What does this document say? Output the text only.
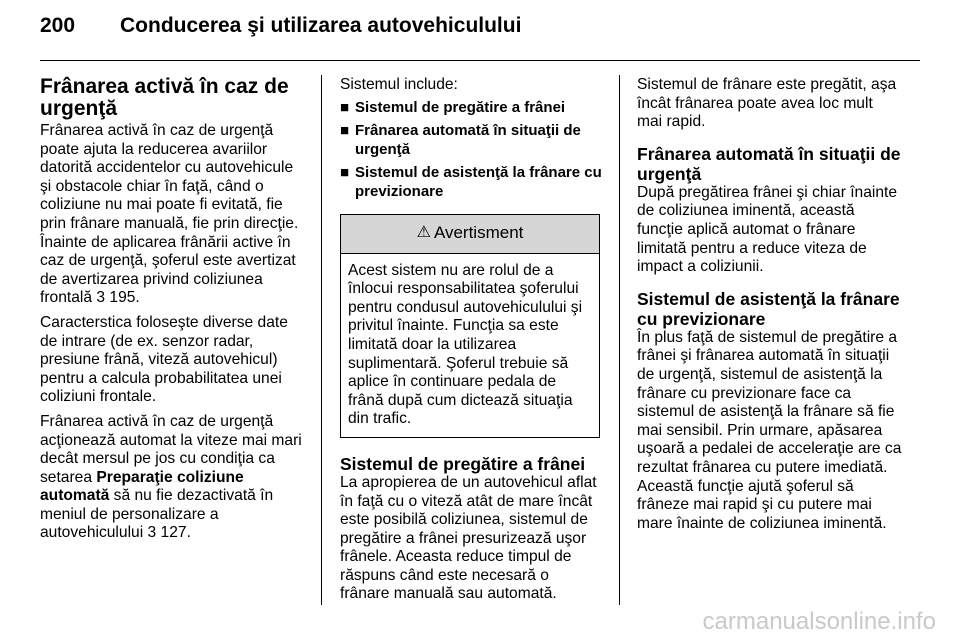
200 Conducerea şi utilizarea autovehiculului
Frânarea activă în caz de urgenţă

Frânarea activă în caz de urgenţă poate ajuta la reducerea avariilor datorită accidentelor cu autovehicule şi obstacole chiar în faţă, când o coliziune nu mai poate fi evitată, fie prin frânare manuală, fie prin direcţie. Înainte de aplicarea frânării active în caz de urgenţă, şoferul este avertizat de avertizarea privind coliziunea frontală 3 195.

Caracterstica foloseşte diverse date de intrare (de ex. senzor radar, presiune frână, viteză autovehicul) pentru a calcula probabilitatea unei coliziuni frontale.

Frânarea activă în caz de urgenţă acţionează automat la viteze mai mari decât mersul pe jos cu condiţia ca setarea Preparaţie coliziune automată să nu fie dezactivată în meniul de personalizare a autovehiculului 3 127.

Sistemul include:

■ Sistemul de pregătire a frânei
■ Frânarea automată în situaţii de urgenţă
■ Sistemul de asistenţă la frânare cu previzionare
⚠ Avertisment
Acest sistem nu are rolul de a înlocui responsabilitatea şoferului pentru condusul autovehiculului şi privitul înainte. Funcţia sa este limitată doar la utilizarea suplimentară. Şoferul trebuie să aplice în continuare pedala de frână după cum dictează situaţia din trafic.
Sistemul de pregătire a frânei

La apropierea de un autovehicul aflat în faţă cu o viteză atât de mare încât este posibilă coliziunea, sistemul de pregătire a frânei presurizează uşor frânele. Aceasta reduce timpul de răspuns când este necesară o frânare manuală sau automată.

Sistemul de frânare este pregătit, aşa încât frânarea poate avea loc mult mai rapid.

Frânarea automată în situaţii de urgenţă

După pregătirea frânei şi chiar înainte de coliziunea iminentă, această funcţie aplică automat o frânare limitată pentru a reduce viteza de impact a coliziunii.

Sistemul de asistenţă la frânare cu previzionare

În plus faţă de sistemul de pregătire a frânei şi frânarea automată în situaţii de urgenţă, sistemul de asistenţă la frânare cu previzionare face ca sistemul de asistenţă la frânare să fie mai sensibil. Prin urmare, apăsarea uşoară a pedalei de acceleraţie are ca rezultat frânarea cu putere imediată. Această funcţie ajută şoferul să frâneze mai rapid şi cu putere mai mare înainte de coliziunea iminentă.

carmanualsonline.info
